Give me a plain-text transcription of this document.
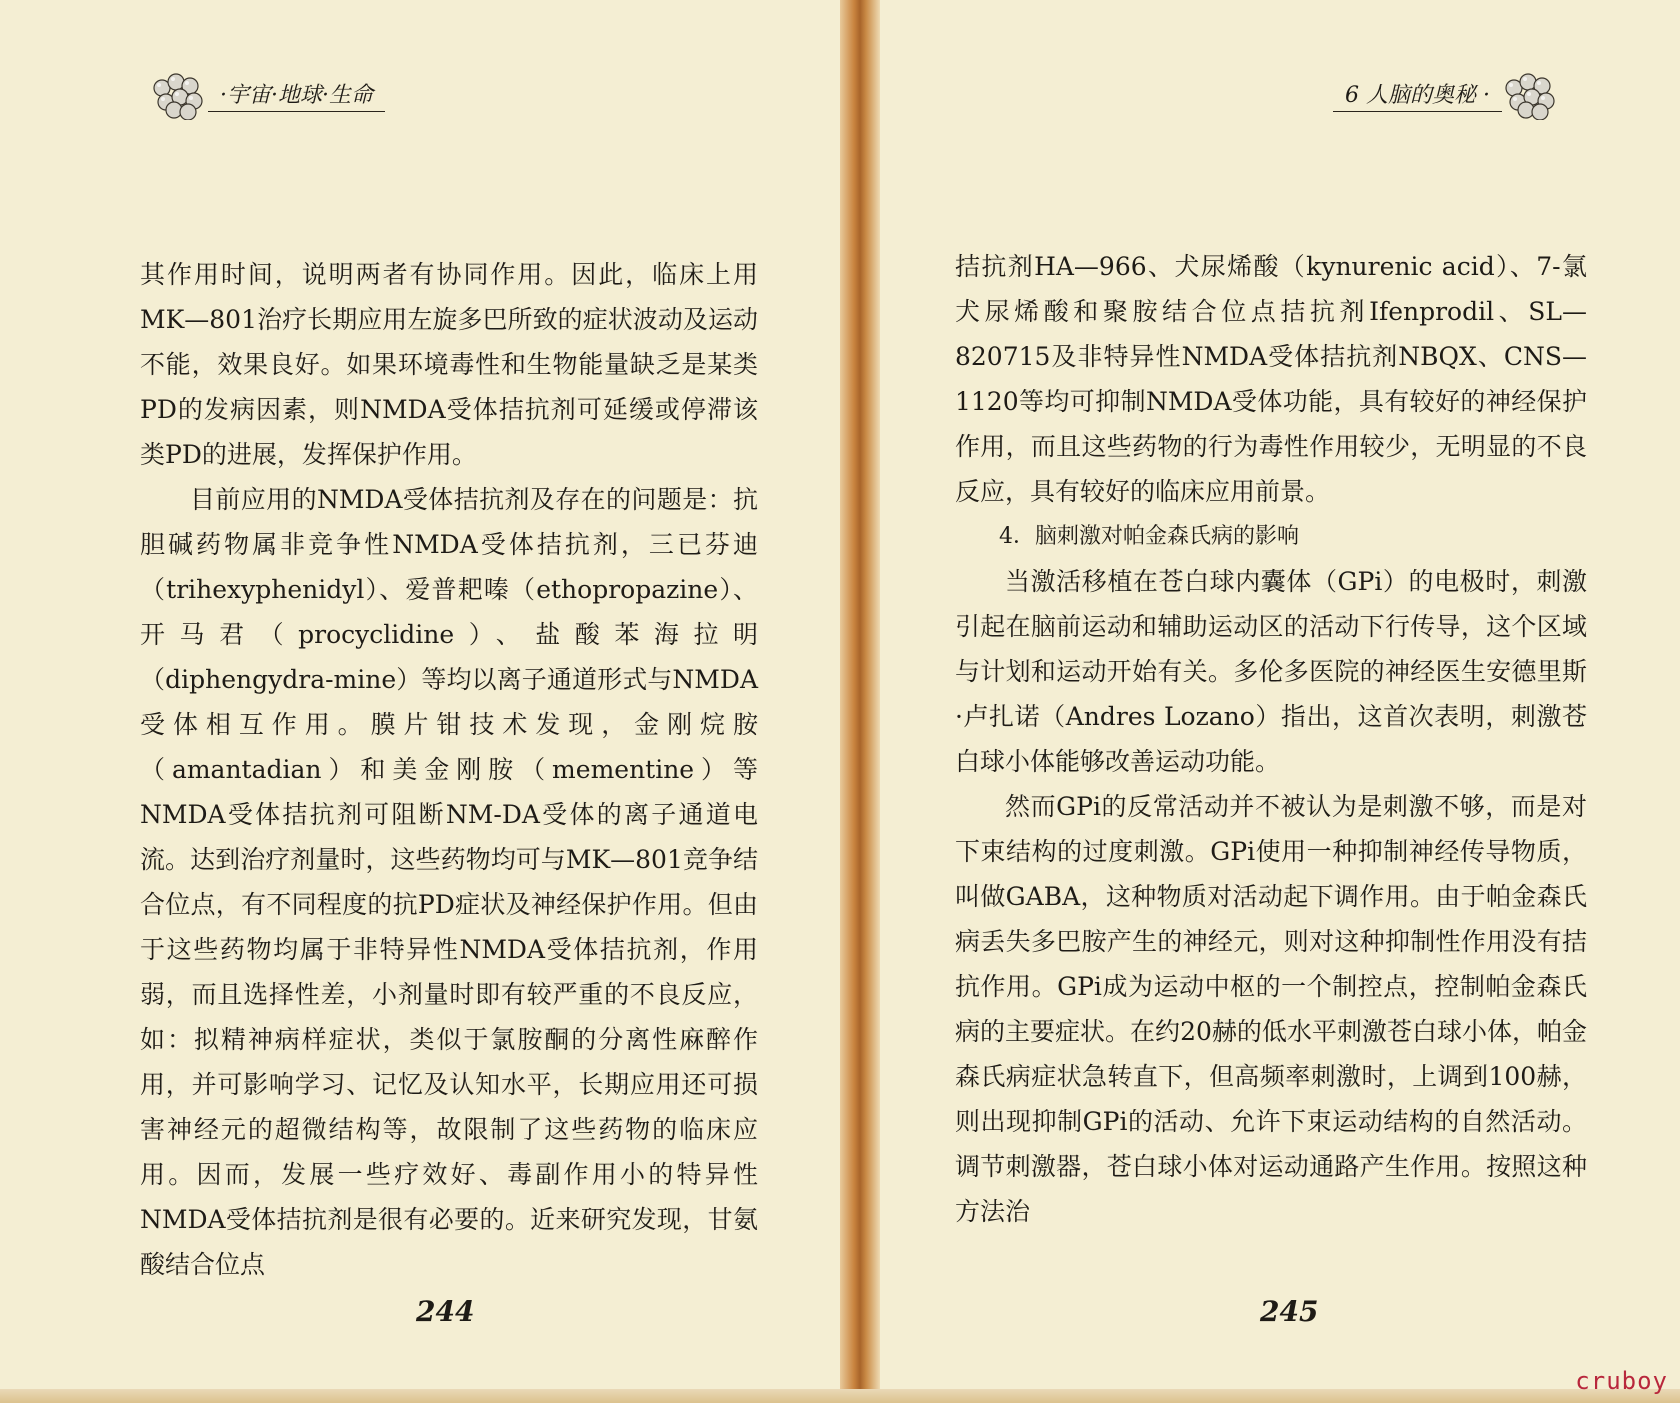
·宇宙·地球·生命

其作用时间，说明两者有协同作用。因此，临床上用MK—801治疗长期应用左旋多巴所致的症状波动及运动不能，效果良好。如果环境毒性和生物能量缺乏是某类PD的发病因素，则NMDA受体拮抗剂可延缓或停滞该类PD的进展，发挥保护作用。

目前应用的NMDA受体拮抗剂及存在的问题是：抗胆碱药物属非竞争性NMDA受体拮抗剂，三已芬迪（trihexyphenidyl）、爱普耙嗪（ethopropazine）、开马君（procyclidine）、盐酸苯海拉明（diphengydra-mine）等均以离子通道形式与NMDA受体相互作用。膜片钳技术发现，金刚烷胺（amantadian）和美金刚胺（mementine）等NMDA受体拮抗剂可阻断NM-DA受体的离子通道电流。达到治疗剂量时，这些药物均可与MK—801竞争结合位点，有不同程度的抗PD症状及神经保护作用。但由于这些药物均属于非特异性NMDA受体拮抗剂，作用弱，而且选择性差，小剂量时即有较严重的不良反应，如：拟精神病样症状，类似于氯胺酮的分离性麻醉作用，并可影响学习、记忆及认知水平，长期应用还可损害神经元的超微结构等，故限制了这些药物的临床应用。因而，发展一些疗效好、毒副作用小的特异性NMDA受体拮抗剂是很有必要的。近来研究发现，甘氨酸结合位点

244
6 人脑的奥秘 ·

拮抗剂HA—966、犬尿烯酸（kynurenic acid）、7-氯犬尿烯酸和聚胺结合位点拮抗剂Ifenprodil、SL—820715及非特异性NMDA受体拮抗剂NBQX、CNS—1120等均可抑制NMDA受体功能，具有较好的神经保护作用，而且这些药物的行为毒性作用较少，无明显的不良反应，具有较好的临床应用前景。

4．脑刺激对帕金森氏病的影响

当激活移植在苍白球内囊体（GPi）的电极时，刺激引起在脑前运动和辅助运动区的活动下行传导，这个区域与计划和运动开始有关。多伦多医院的神经医生安德里斯·卢扎诺（Andres Lozano）指出，这首次表明，刺激苍白球小体能够改善运动功能。

然而GPi的反常活动并不被认为是刺激不够，而是对下束结构的过度刺激。GPi使用一种抑制神经传导物质，叫做GABA，这种物质对活动起下调作用。由于帕金森氏病丢失多巴胺产生的神经元，则对这种抑制性作用没有拮抗作用。GPi成为运动中枢的一个制控点，控制帕金森氏病的主要症状。在约20赫的低水平刺激苍白球小体，帕金森氏病症状急转直下，但高频率刺激时，上调到100赫，则出现抑制GPi的活动、允许下束运动结构的自然活动。调节刺激器，苍白球小体对运动通路产生作用。按照这种方法治

245
cruboy
